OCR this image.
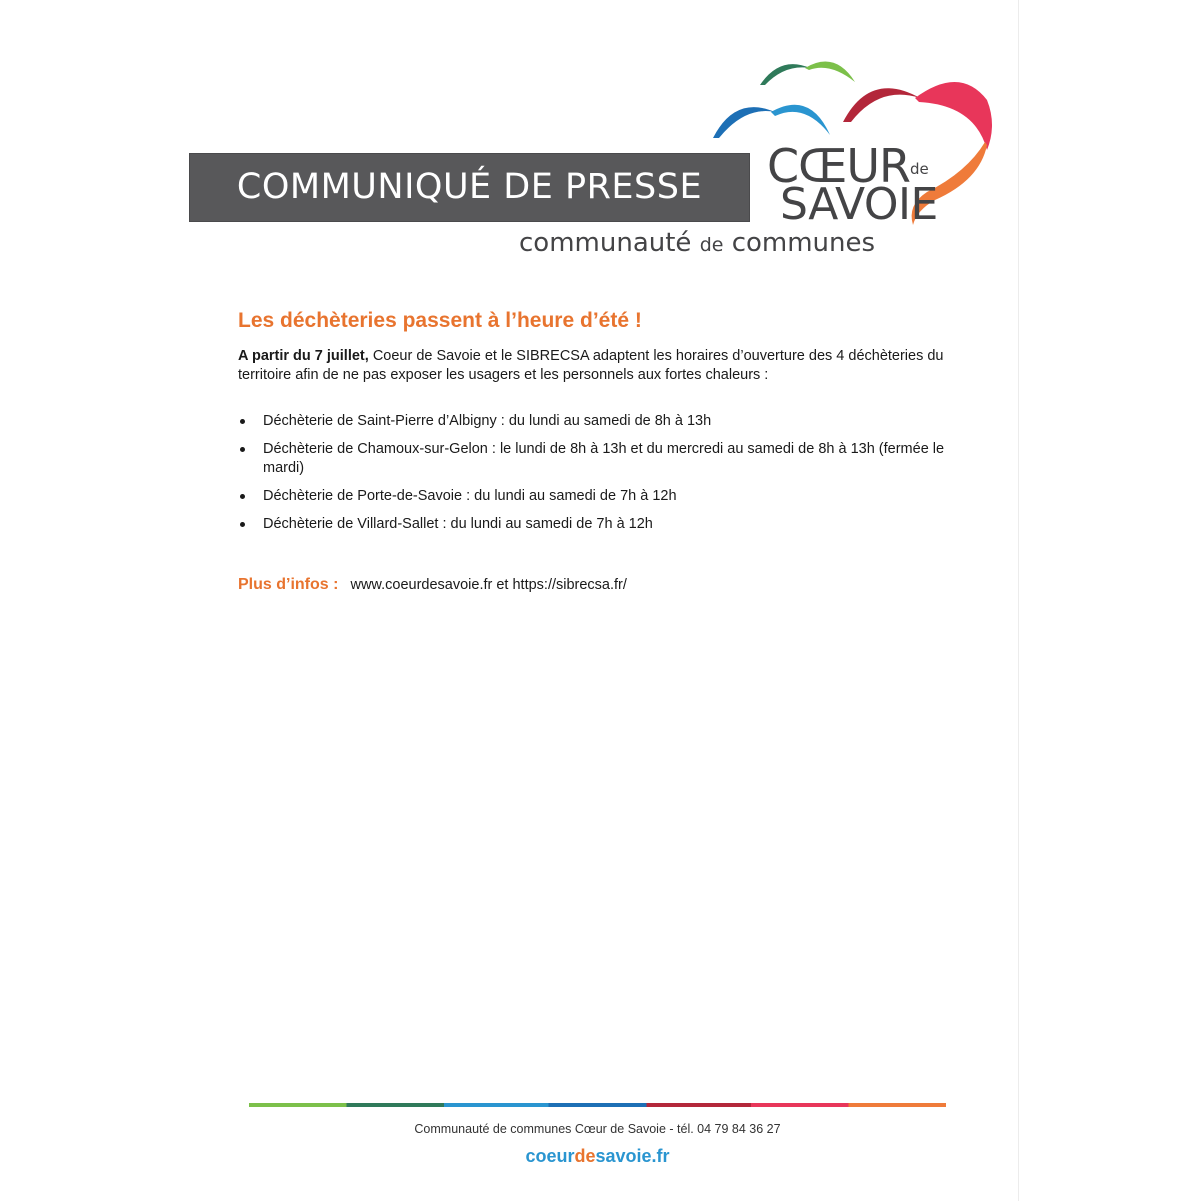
COMMUNIQUÉ DE PRESSE	CŒUR de
SAVOIE
communauté de communes
Les déchèteries passent à l’heure d’été !
A partir du 7 juillet, Coeur de Savoie et le SIBRECSA adaptent les horaires d’ouverture des 4 déchèteries du territoire afin de ne pas exposer les usagers et les personnels aux fortes chaleurs :
Déchèterie de Saint-Pierre d’Albigny : du lundi au samedi de 8h à 13h
Déchèterie de Chamoux-sur-Gelon : le lundi de 8h à 13h et du mercredi au samedi de 8h à 13h (fermée le mardi)
Déchèterie de Porte-de-Savoie : du lundi au samedi de 7h à 12h
Déchèterie de Villard-Sallet : du lundi au samedi de 7h à 12h
Plus d’infos : www.coeurdesavoie.fr et https://sibrecsa.fr/
Communauté de communes Cœur de Savoie - tél. 04 79 84 36 27
coeurdesavoie.fr
